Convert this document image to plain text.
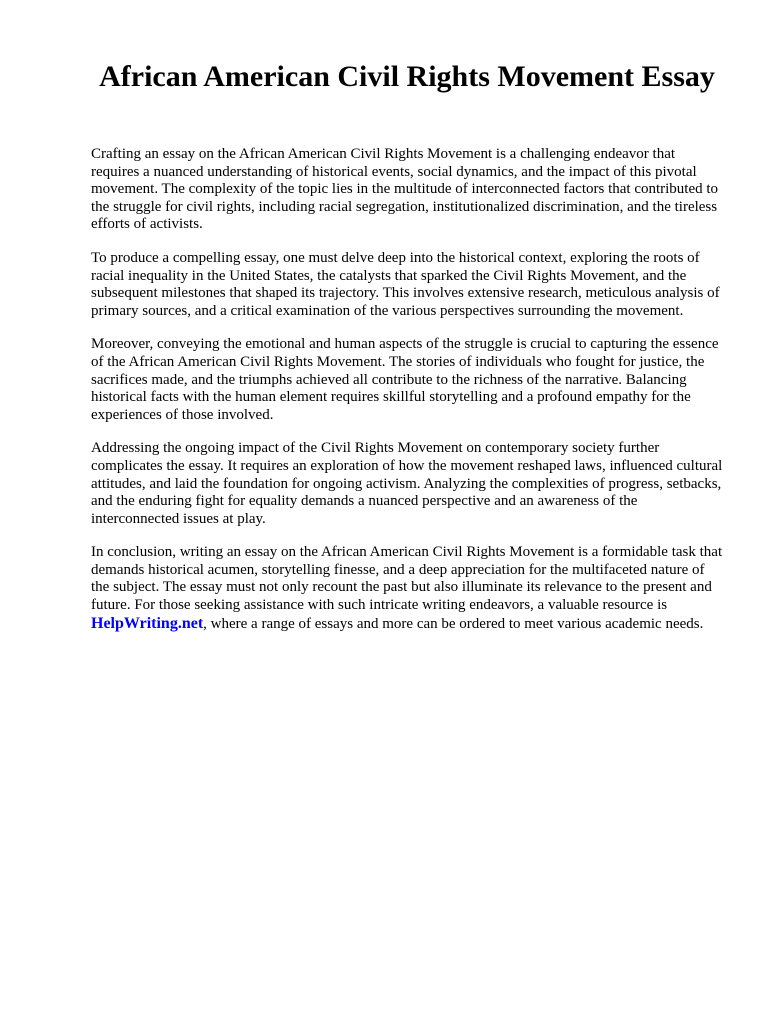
African American Civil Rights Movement Essay

Crafting an essay on the African American Civil Rights Movement is a challenging endeavor that requires a nuanced understanding of historical events, social dynamics, and the impact of this pivotal movement. The complexity of the topic lies in the multitude of interconnected factors that contributed to the struggle for civil rights, including racial segregation, institutionalized discrimination, and the tireless efforts of activists.

To produce a compelling essay, one must delve deep into the historical context, exploring the roots of racial inequality in the United States, the catalysts that sparked the Civil Rights Movement, and the subsequent milestones that shaped its trajectory. This involves extensive research, meticulous analysis of primary sources, and a critical examination of the various perspectives surrounding the movement.

Moreover, conveying the emotional and human aspects of the struggle is crucial to capturing the essence of the African American Civil Rights Movement. The stories of individuals who fought for justice, the sacrifices made, and the triumphs achieved all contribute to the richness of the narrative. Balancing historical facts with the human element requires skillful storytelling and a profound empathy for the experiences of those involved.

Addressing the ongoing impact of the Civil Rights Movement on contemporary society further complicates the essay. It requires an exploration of how the movement reshaped laws, influenced cultural attitudes, and laid the foundation for ongoing activism. Analyzing the complexities of progress, setbacks, and the enduring fight for equality demands a nuanced perspective and an awareness of the interconnected issues at play.

In conclusion, writing an essay on the African American Civil Rights Movement is a formidable task that demands historical acumen, storytelling finesse, and a deep appreciation for the multifaceted nature of the subject. The essay must not only recount the past but also illuminate its relevance to the present and future. For those seeking assistance with such intricate writing endeavors, a valuable resource is HelpWriting.net, where a range of essays and more can be ordered to meet various academic needs.
